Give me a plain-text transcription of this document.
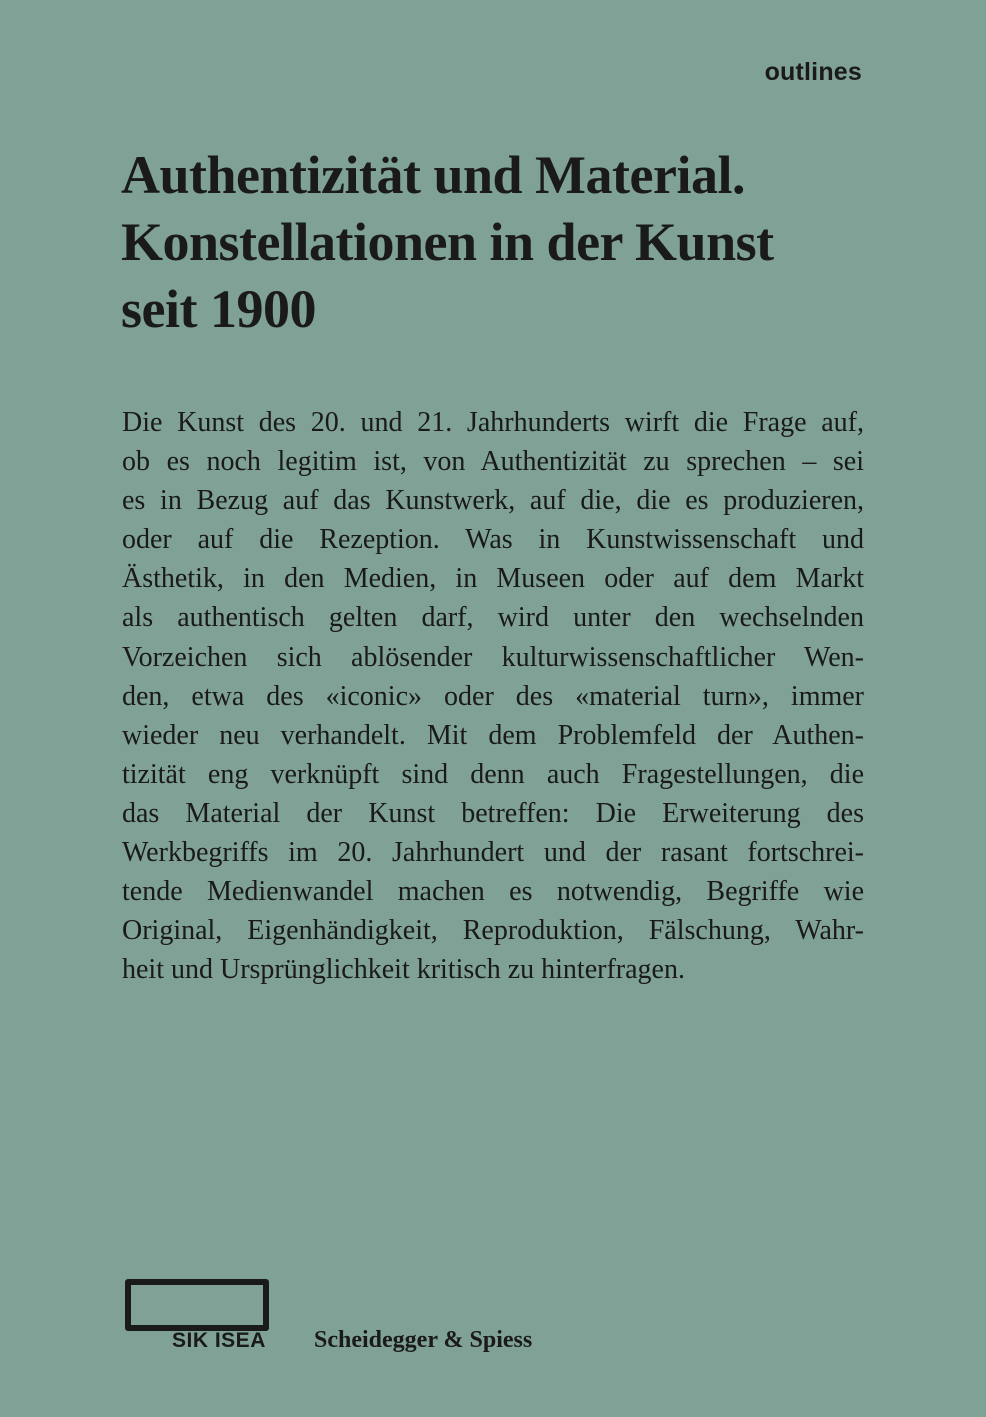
outlines
Authentizität und Material.
Konstellationen in der Kunst
seit 1900
Die Kunst des 20. und 21. Jahrhunderts wirft die Frage auf,
ob es noch legitim ist, von Authentizität zu sprechen – sei
es in Bezug auf das Kunstwerk, auf die, die es produzieren,
oder auf die Rezeption. Was in Kunstwissenschaft und
Ästhetik, in den Medien, in Museen oder auf dem Markt
als authentisch gelten darf, wird unter den wechselnden
Vorzeichen sich ablösender kulturwissenschaftlicher Wen-
den, etwa des «iconic» oder des «material turn», immer
wieder neu verhandelt. Mit dem Problemfeld der Authen-
tizität eng verknüpft sind denn auch Fragestellungen, die
das Material der Kunst betreffen: Die Erweiterung des
Werkbegriffs im 20. Jahrhundert und der rasant fortschrei-
tende Medienwandel machen es notwendig, Begriffe wie
Original, Eigenhändigkeit, Reproduktion, Fälschung, Wahr-
heit und Ursprünglichkeit kritisch zu hinterfragen.
SIK ISEA Scheidegger & Spiess
